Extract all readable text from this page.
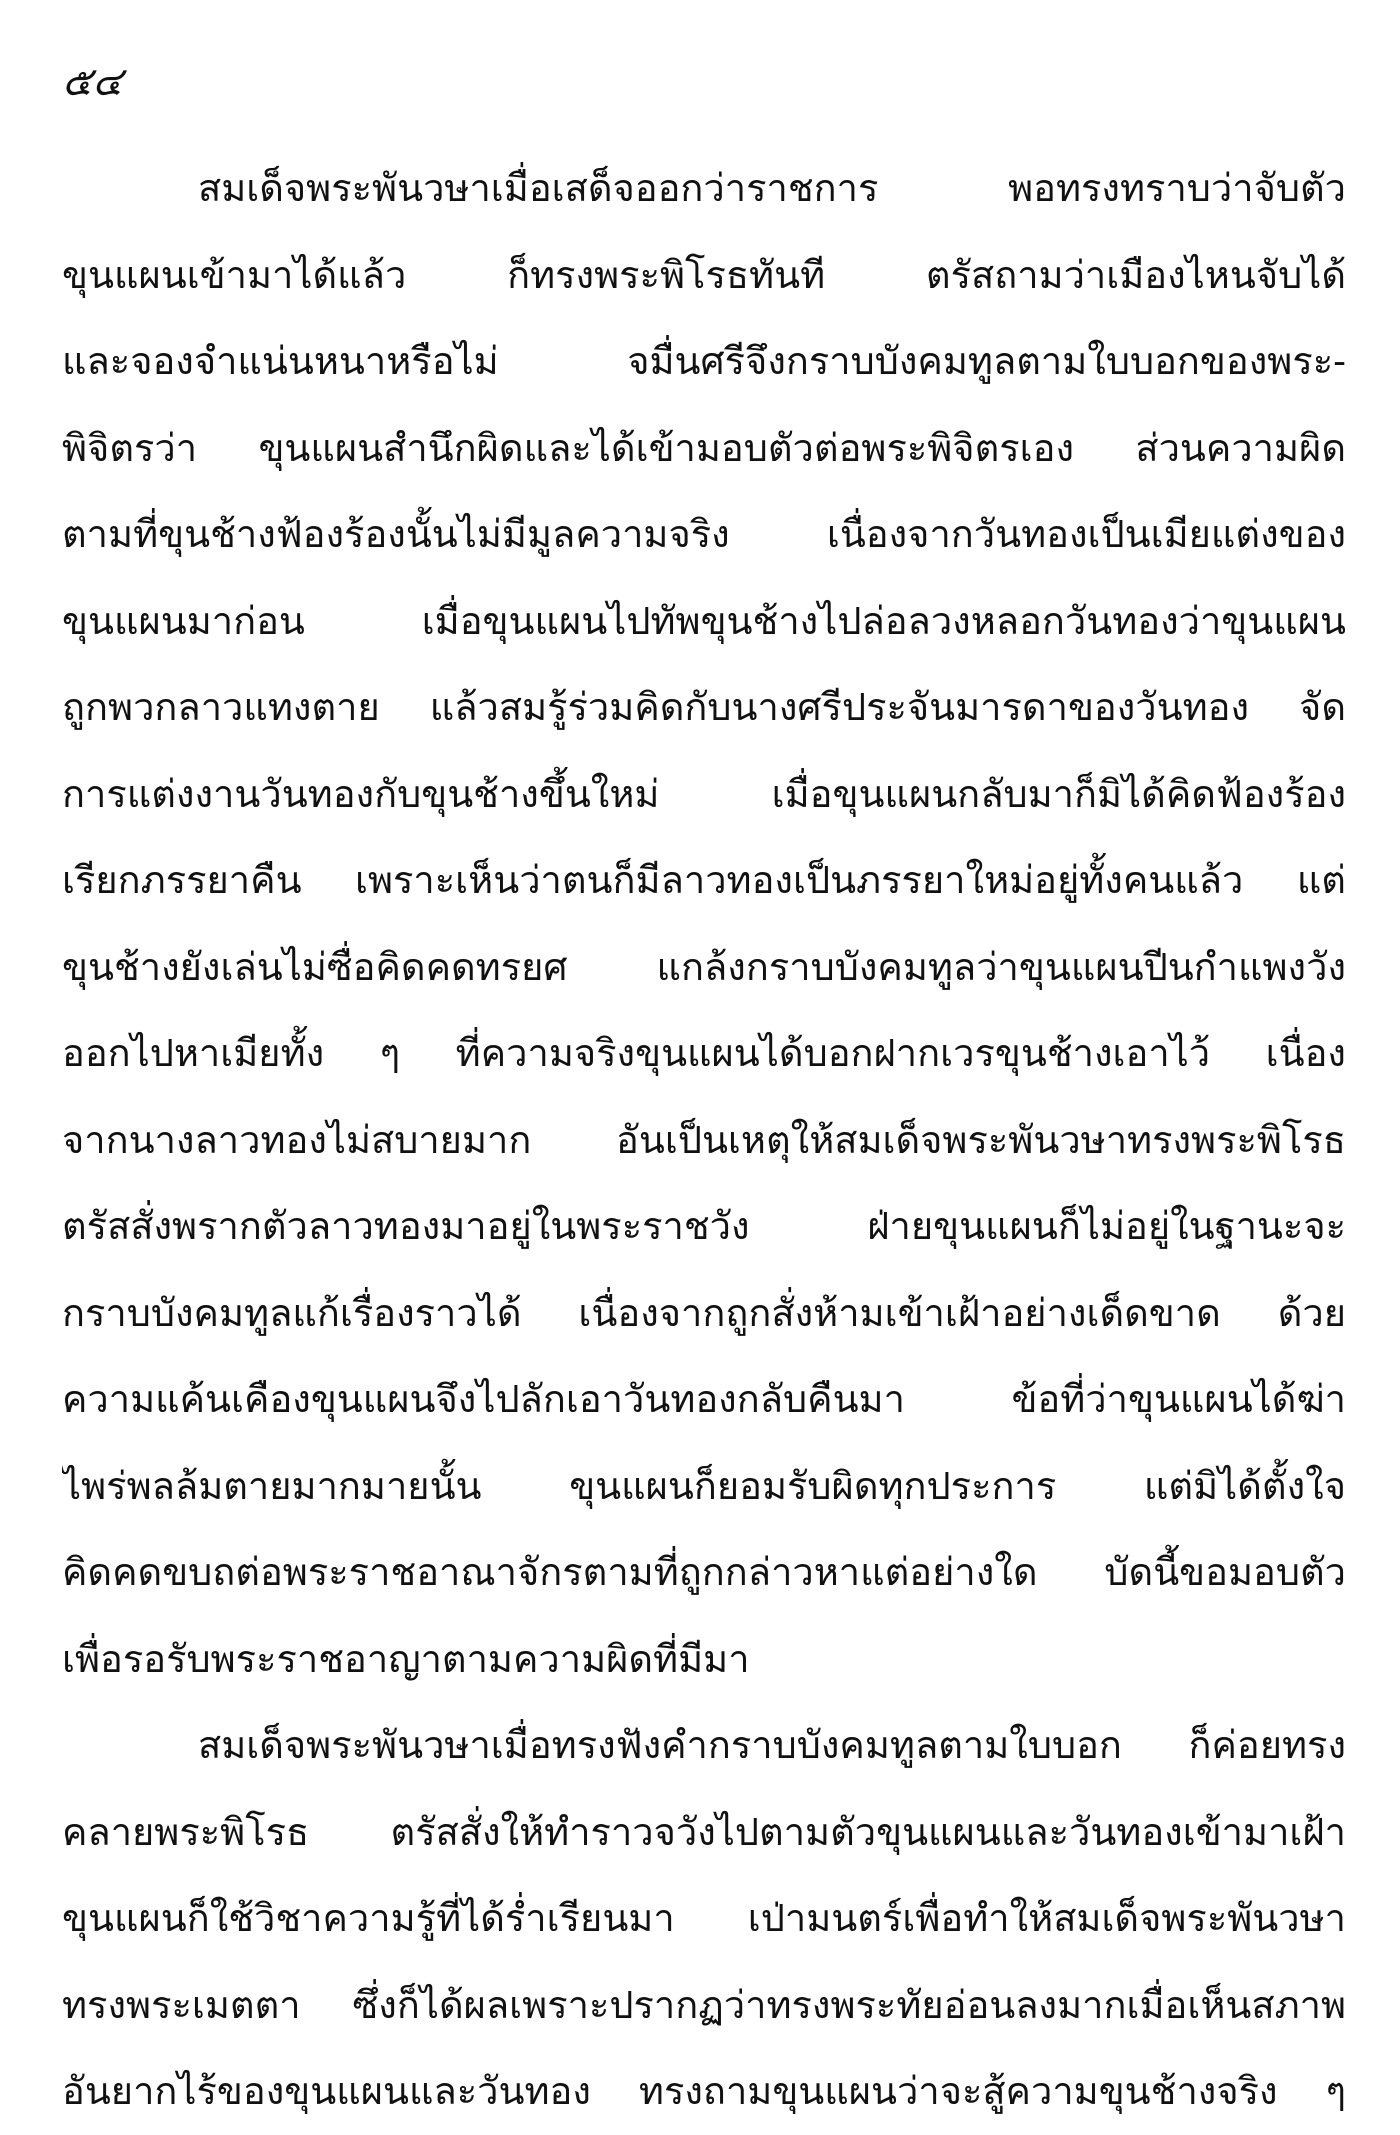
๕๔
สมเด็จพระพันวษาเมื่อเสด็จออกว่าราชการ พอทรงทราบว่าจับตัว
ขุนแผนเข้ามาได้แล้ว ก็ทรงพระพิโรธทันที ตรัสถามว่าเมืองไหนจับได้
และจองจำแน่นหนาหรือไม่ จมื่นศรีจึงกราบบังคมทูลตามใบบอกของพระ-
พิจิตรว่า ขุนแผนสำนึกผิดและได้เข้ามอบตัวต่อพระพิจิตรเอง ส่วนความผิด
ตามที่ขุนช้างฟ้องร้องนั้นไม่มีมูลความจริง เนื่องจากวันทองเป็นเมียแต่งของ
ขุนแผนมาก่อน เมื่อขุนแผนไปทัพขุนช้างไปล่อลวงหลอกวันทองว่าขุนแผน
ถูกพวกลาวแทงตาย แล้วสมรู้ร่วมคิดกับนางศรีประจันมารดาของวันทอง จัด
การแต่งงานวันทองกับขุนช้างขึ้นใหม่ เมื่อขุนแผนกลับมาก็มิได้คิดฟ้องร้อง
เรียกภรรยาคืน เพราะเห็นว่าตนก็มีลาวทองเป็นภรรยาใหม่อยู่ทั้งคนแล้ว แต่
ขุนช้างยังเล่นไม่ซื่อคิดคดทรยศ แกล้งกราบบังคมทูลว่าขุนแผนปีนกำแพงวัง
ออกไปหาเมียทั้ง ๆ ที่ความจริงขุนแผนได้บอกฝากเวรขุนช้างเอาไว้ เนื่อง
จากนางลาวทองไม่สบายมาก อันเป็นเหตุให้สมเด็จพระพันวษาทรงพระพิโรธ
ตรัสสั่งพรากตัวลาวทองมาอยู่ในพระราชวัง ฝ่ายขุนแผนก็ไม่อยู่ในฐานะจะ
กราบบังคมทูลแก้เรื่องราวได้ เนื่องจากถูกสั่งห้ามเข้าเฝ้าอย่างเด็ดขาด ด้วย
ความแค้นเคืองขุนแผนจึงไปลักเอาวันทองกลับคืนมา ข้อที่ว่าขุนแผนได้ฆ่า
ไพร่พลล้มตายมากมายนั้น ขุนแผนก็ยอมรับผิดทุกประการ แต่มิได้ตั้งใจ
คิดคดขบถต่อพระราชอาณาจักรตามที่ถูกกล่าวหาแต่อย่างใด บัดนี้ขอมอบตัว
เพื่อรอรับพระราชอาญาตามความผิดที่มีมา
สมเด็จพระพันวษาเมื่อทรงฟังคำกราบบังคมทูลตามใบบอก ก็ค่อยทรง
คลายพระพิโรธ ตรัสสั่งให้ทำราวจวังไปตามตัวขุนแผนและวันทองเข้ามาเฝ้า
ขุนแผนก็ใช้วิชาความรู้ที่ได้ร่ำเรียนมา เป่ามนตร์เพื่อทำให้สมเด็จพระพันวษา
ทรงพระเมตตา ซึ่งก็ได้ผลเพราะปรากฏว่าทรงพระทัยอ่อนลงมากเมื่อเห็นสภาพ
อันยากไร้ของขุนแผนและวันทอง ทรงถามขุนแผนว่าจะสู้ความขุนช้างจริง ๆ
